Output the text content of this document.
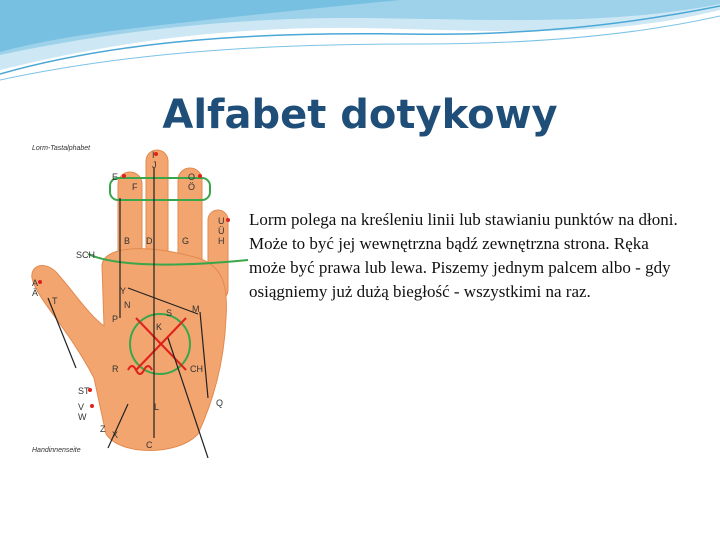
Alfabet dotykowy
Lorm-Tastalphabet
I
J
E
F
O
Ö
U
Ü
H
B D	G
SCH
A
Ä
T
Y
N
S M
P
K
R	CH
ST
V
W
L	Q
Z
X
C
Handinnenseite
Lorm polega na kreśleniu linii lub stawianiu punktów na dłoni. Może to być jej wewnętrzna bądź zewnętrzna strona. Ręka może być prawa lub lewa. Piszemy jednym palcem albo - gdy osiągniemy już dużą biegłość - wszystkimi na raz.
